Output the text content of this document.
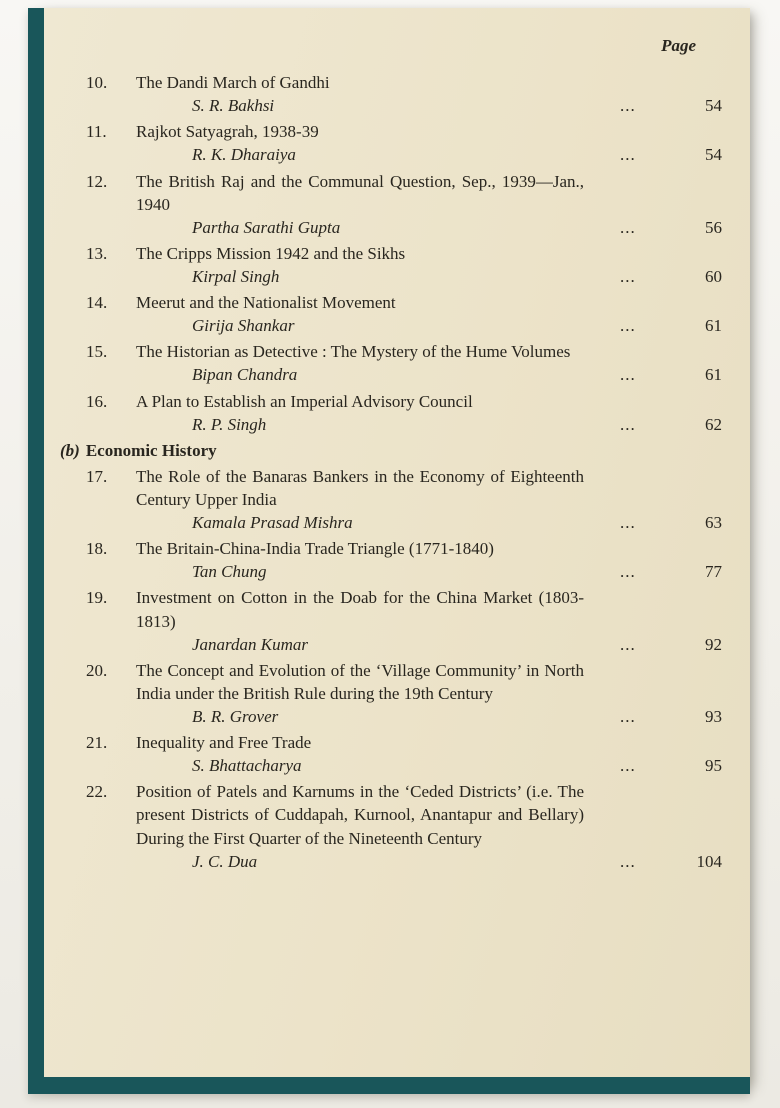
Page
10.	The Dandi March of Gandhi
S. R. Bakhsi	...	54
11.	Rajkot Satyagrah, 1938-39
R. K. Dharaiya	...	54
12.	The British Raj and the Communal Question, Sep., 1939—Jan., 1940
Partha Sarathi Gupta	...	56
13.	The Cripps Mission 1942 and the Sikhs
Kirpal Singh	...	60
14.	Meerut and the Nationalist Movement
Girija Shankar	...	61
15.	The Historian as Detective : The Mystery of the Hume Volumes
Bipan Chandra	...	61
16.	A Plan to Establish an Imperial Advisory Council
R. P. Singh	...	62
(b) Economic History
17.	The Role of the Banaras Bankers in the Economy of Eighteenth Century Upper India
Kamala Prasad Mishra	...	63
18.	The Britain-China-India Trade Triangle (1771-1840)
Tan Chung	...	77
19.	Investment on Cotton in the Doab for the China Market (1803-1813)
Janardan Kumar	...	92
20.	The Concept and Evolution of the ‘Village Community’ in North India under the British Rule during the 19th Century
B. R. Grover	...	93
21.	Inequality and Free Trade
S. Bhattacharya	...	95
22.	Position of Patels and Karnums in the ‘Ceded Districts’ (i.e. The present Districts of Cuddapah, Kurnool, Anantapur and Bellary) During the First Quarter of the Nineteenth Century
J. C. Dua	...	104
